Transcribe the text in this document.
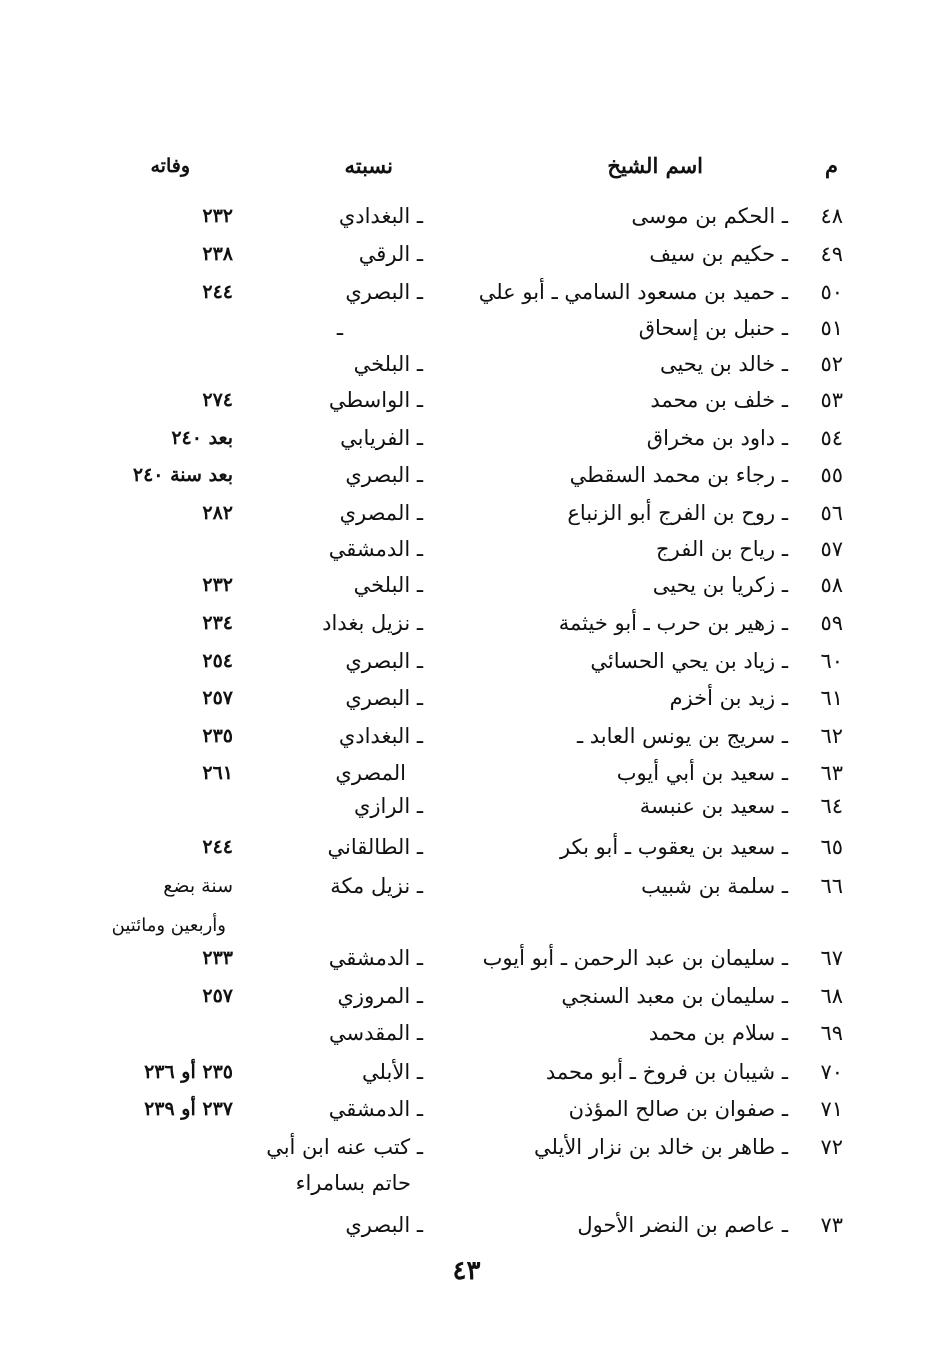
م
اسم الشيخ
نسبته
وفاته
٤٨
ـ الحكم بن موسى
ـ البغدادي
٢٣٢
٤٩
ـ حكيم بن سيف
ـ الرقي
٢٣٨
٥٠
ـ حميد بن مسعود السامي ـ أبو علي
ـ البصري
٢٤٤
٥١
ـ حنبل بن إسحاق
ـ
٥٢
ـ خالد بن يحيى
ـ البلخي
٥٣
ـ خلف بن محمد
ـ الواسطي
٢٧٤
٥٤
ـ داود بن مخراق
ـ الفريابي
بعد ٢٤٠
٥٥
ـ رجاء بن محمد السقطي
ـ البصري
بعد سنة ٢٤٠
٥٦
ـ روح بن الفرج أبو الزنباع
ـ المصري
٢٨٢
٥٧
ـ رياح بن الفرج
ـ الدمشقي
٥٨
ـ زكريا بن يحيى
ـ البلخي
٢٣٢
٥٩
ـ زهير بن حرب ـ أبو خيثمة
ـ نزيل بغداد
٢٣٤
٦٠
ـ زياد بن يحي الحسائي
ـ البصري
٢٥٤
٦١
ـ زيد بن أخزم
ـ البصري
٢٥٧
٦٢
ـ سريج بن يونس العابد ـ
ـ البغدادي
٢٣٥
٦٣
ـ سعيد بن أبي أيوب
المصري
٢٦١
٦٤
ـ سعيد بن عنبسة
ـ الرازي
٦٥
ـ سعيد بن يعقوب ـ أبو بكر
ـ الطالقاني
٢٤٤
٦٦
ـ سلمة بن شبيب
ـ نزيل مكة
سنة بضع
وأربعين ومائتين
٦٧
ـ سليمان بن عبد الرحمن ـ أبو أيوب
ـ الدمشقي
٢٣٣
٦٨
ـ سليمان بن معبد السنجي
ـ المروزي
٢٥٧
٦٩
ـ سلام بن محمد
ـ المقدسي
٧٠
ـ شيبان بن فروخ ـ أبو محمد
ـ الأبلي
٢٣٥ أو ٢٣٦
٧١
ـ صفوان بن صالح المؤذن
ـ الدمشقي
٢٣٧ أو ٢٣٩
٧٢
ـ طاهر بن خالد بن نزار الأيلي
ـ كتب عنه ابن أبي
حاتم بسامراء
٧٣
ـ عاصم بن النضر الأحول
ـ البصري
٤٣
